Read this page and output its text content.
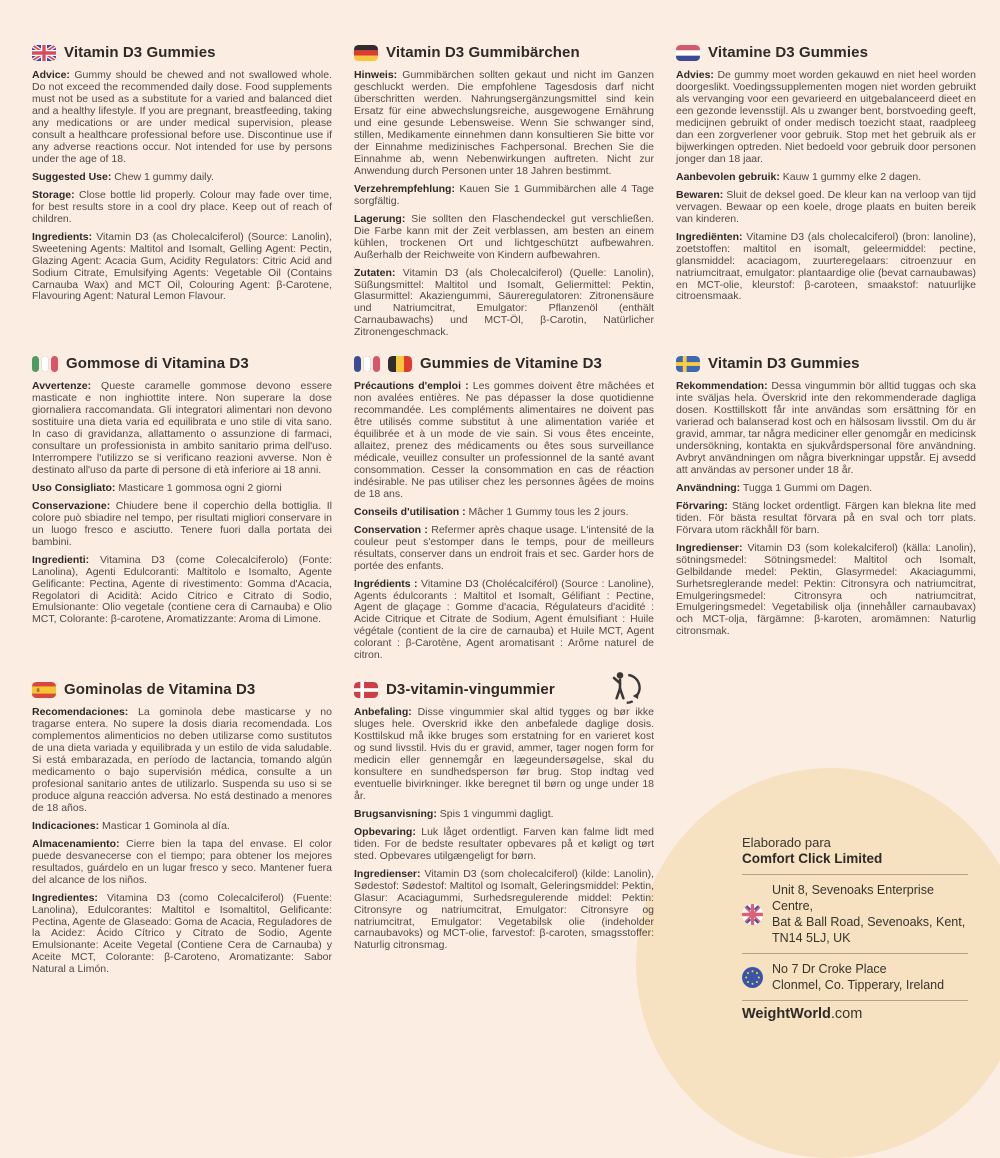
Vitamin D3 Gummies

Advice: Gummy should be chewed and not swallowed whole. Do not exceed the recommended daily dose. Food supplements must not be used as a substitute for a varied and balanced diet and a healthy lifestyle. If you are pregnant, breastfeeding, taking any medications or are under medical supervision, please consult a healthcare professional before use. Discontinue use if any adverse reactions occur. Not intended for use by persons under the age of 18.

Suggested Use: Chew 1 gummy daily.

Storage: Close bottle lid properly. Colour may fade over time, for best results store in a cool dry place. Keep out of reach of children.

Ingredients: Vitamin D3 (as Cholecalciferol) (Source: Lanolin), Sweetening Agents: Maltitol and Isomalt, Gelling Agent: Pectin, Glazing Agent: Acacia Gum, Acidity Regulators: Citric Acid and Sodium Citrate, Emulsifying Agents: Vegetable Oil (Contains Carnauba Wax) and MCT Oil, Colouring Agent: β-Carotene, Flavouring Agent: Natural Lemon Flavour.

Vitamin D3 Gummibärchen

Hinweis: Gummibärchen sollten gekaut und nicht im Ganzen geschluckt werden. Die empfohlene Tagesdosis darf nicht überschritten werden. Nahrungsergänzungsmittel sind kein Ersatz für eine abwechslungsreiche, ausgewogene Ernährung und eine gesunde Lebensweise. Wenn Sie schwanger sind, stillen, Medikamente einnehmen dann konsultieren Sie bitte vor der Einnahme medizinisches Fachpersonal. Brechen Sie die Einnahme ab, wenn Nebenwirkungen auftreten. Nicht zur Anwendung durch Personen unter 18 Jahren bestimmt.

Verzehrempfehlung: Kauen Sie 1 Gummibärchen alle 4 Tage sorgfältig.

Lagerung: Sie sollten den Flaschendeckel gut verschließen. Die Farbe kann mit der Zeit verblassen, am besten an einem kühlen, trockenen Ort und lichtgeschützt aufbewahren. Außerhalb der Reichweite von Kindern aufbewahren.

Zutaten: Vitamin D3 (als Cholecalciferol) (Quelle: Lanolin), Süßungsmittel: Maltitol und Isomalt, Geliermittel: Pektin, Glasurmittel: Akaziengummi, Säureregulatoren: Zitronensäure und Natriumcitrat, Emulgator: Pflanzenöl (enthält Carnaubawachs) und MCT-Öl, β-Carotin, Natürlicher Zitronengeschmack.

Vitamine D3 Gummies

Advies: De gummy moet worden gekauwd en niet heel worden doorgeslikt. Voedingssupplementen mogen niet worden gebruikt als vervanging voor een gevarieerd en uitgebalanceerd dieet en een gezonde levensstijl. Als u zwanger bent, borstvoeding geeft, medicijnen gebruikt of onder medisch toezicht staat, raadpleeg dan een zorgverlener voor gebruik. Stop met het gebruik als er bijwerkingen optreden. Niet bedoeld voor gebruik door personen jonger dan 18 jaar.

Aanbevolen gebruik: Kauw 1 gummy elke 2 dagen.

Bewaren: Sluit de deksel goed. De kleur kan na verloop van tijd vervagen. Bewaar op een koele, droge plaats en buiten bereik van kinderen.

Ingrediënten: Vitamine D3 (als cholecalciferol) (bron: lanoline), zoetstoffen: maltitol en isomalt, geleermiddel: pectine, glansmiddel: acaciagom, zuurteregelaars: citroenzuur en natriumcitraat, emulgator: plantaardige olie (bevat carnaubawas) en MCT-olie, kleurstof: β-caroteen, smaakstof: natuurlijke citroensmaak.

Gommose di Vitamina D3

Avvertenze: Queste caramelle gommose devono essere masticate e non inghiottite intere. Non superare la dose giornaliera raccomandata. Gli integratori alimentari non devono sostituire una dieta varia ed equilibrata e uno stile di vita sano. In caso di gravidanza, allattamento o assunzione di farmaci, consultare un professionista in ambito sanitario prima dell'uso. Interrompere l'utilizzo se si verificano reazioni avverse. Non è destinato all'uso da parte di persone di età inferiore ai 18 anni.

Uso Consigliato: Masticare 1 gommosa ogni 2 giorni

Conservazione: Chiudere bene il coperchio della bottiglia. Il colore può sbiadire nel tempo, per risultati migliori conservare in un luogo fresco e asciutto. Tenere fuori dalla portata dei bambini.

Ingredienti: Vitamina D3 (come Colecalciferolo) (Fonte: Lanolina), Agenti Edulcoranti: Maltitolo e Isomalto, Agente Gelificante: Pectina, Agente di rivestimento: Gomma d'Acacia, Regolatori di Acidità: Acido Citrico e Citrato di Sodio, Emulsionante: Olio vegetale (contiene cera di Carnauba) e Olio MCT, Colorante: β-carotene, Aromatizzante: Aroma di Limone.

Gummies de Vitamine D3

Précautions d'emploi : Les gommes doivent être mâchées et non avalées entières. Ne pas dépasser la dose quotidienne recommandée. Les compléments alimentaires ne doivent pas être utilisés comme substitut à une alimentation variée et équilibrée et à un mode de vie sain. Si vous êtes enceinte, allaitez, prenez des médicaments ou êtes sous surveillance médicale, veuillez consulter un professionnel de la santé avant consommation. Cesser la consommation en cas de réaction indésirable. Ne pas utiliser chez les personnes âgées de moins de 18 ans.

Conseils d'utilisation : Mâcher 1 Gummy tous les 2 jours.

Conservation : Refermer après chaque usage. L'intensité de la couleur peut s'estomper dans le temps, pour de meilleurs résultats, conserver dans un endroit frais et sec. Garder hors de portée des enfants.

Ingrédients : Vitamine D3 (Cholécalciférol) (Source : Lanoline), Agents édulcorants : Maltitol et Isomalt, Gélifiant : Pectine, Agent de glaçage : Gomme d'acacia, Régulateurs d'acidité : Acide Citrique et Citrate de Sodium, Agent émulsifiant : Huile végétale (contient de la cire de carnauba) et Huile MCT, Agent colorant : β-Carotène, Agent aromatisant : Arôme naturel de citron.

Vitamin D3 Gummies

Rekommendation: Dessa vingummin bör alltid tuggas och ska inte sväljas hela. Överskrid inte den rekommenderade dagliga dosen. Kosttillskott får inte användas som ersättning för en varierad och balanserad kost och en hälsosam livsstil. Om du är gravid, ammar, tar några mediciner eller genomgår en medicinsk undersökning, kontakta en sjukvårdspersonal före användning. Avbryt användningen om några biverkningar uppstår. Ej avsedd att användas av personer under 18 år.

Användning: Tugga 1 Gummi om Dagen.

Förvaring: Stäng locket ordentligt. Färgen kan blekna lite med tiden. För bästa resultat förvara på en sval och torr plats. Förvara utom räckhåll för barn.

Ingredienser: Vitamin D3 (som kolekalciferol) (källa: Lanolin), sötningsmedel: Sötningsmedel: Maltitol och Isomalt, Gelbildande medel: Pektin, Glasyrmedel: Akaciagummi, Surhetsreglerande medel: Pektin: Citronsyra och natriumcitrat, Emulgeringsmedel: Citronsyra och natriumcitrat, Emulgeringsmedel: Vegetabilisk olja (innehåller carnaubavax) och MCT-olja, färgämne: β-karoten, aromämnen: Naturlig citronsmak.

Gominolas de Vitamina D3

Recomendaciones: La gominola debe masticarse y no tragarse entera. No supere la dosis diaria recomendada. Los complementos alimenticios no deben utilizarse como sustitutos de una dieta variada y equilibrada y un estilo de vida saludable. Si está embarazada, en período de lactancia, tomando algún medicamento o bajo supervisión médica, consulte a un profesional sanitario antes de utilizarlo. Suspenda su uso si se produce alguna reacción adversa. No está destinado a menores de 18 años.

Indicaciones: Masticar 1 Gominola al día.

Almacenamiento: Cierre bien la tapa del envase. El color puede desvanecerse con el tiempo; para obtener los mejores resultados, guárdelo en un lugar fresco y seco. Mantener fuera del alcance de los niños.

Ingredientes: Vitamina D3 (como Colecalciferol) (Fuente: Lanolina), Edulcorantes: Maltitol e Isomaltitol, Gelificante: Pectina, Agente de Glaseado: Goma de Acacia, Reguladores de la Acidez: Ácido Cítrico y Citrato de Sodio, Agente Emulsionante: Aceite Vegetal (Contiene Cera de Carnauba) y Aceite MCT, Colorante: β-Caroteno, Aromatizante: Sabor Natural a Limón.

D3-vitamin-vingummier

Anbefaling: Disse vingummier skal altid tygges og bør ikke sluges hele. Overskrid ikke den anbefalede daglige dosis. Kosttilskud må ikke bruges som erstatning for en varieret kost og sund livsstil. Hvis du er gravid, ammer, tager nogen form for medicin eller gennemgår en lægeundersøgelse, skal du konsultere en sundhedsperson før brug. Stop indtag ved eventuelle bivirkninger. Ikke beregnet til børn og unge under 18 år.

Brugsanvisning: Spis 1 vingummi dagligt.

Opbevaring: Luk låget ordentligt. Farven kan falme lidt med tiden. For de bedste resultater opbevares på et køligt og tørt sted. Opbevares utilgængeligt for børn.

Ingredienser: Vitamin D3 (som cholecalciferol) (kilde: Lanolin), Sødestof: Sødestof: Maltitol og Isomalt, Geleringsmiddel: Pektin, Glasur: Acaciagummi, Surhedsregulerende middel: Pektin: Citronsyre og natriumcitrat, Emulgator: Citronsyre og natriumcitrat, Emulgator: Vegetabilsk olie (indeholder carnaubavoks) og MCT-olie, farvestof: β-caroten, smagsstoffer: Naturlig citronsmag.

Elaborado para

Comfort Click Limited

Unit 8, Sevenoaks Enterprise Centre,
Bat & Ball Road, Sevenoaks, Kent,
TN14 5LJ, UK
No 7 Dr Croke Place
Clonmel, Co. Tipperary, Ireland

WeightWorld.com
